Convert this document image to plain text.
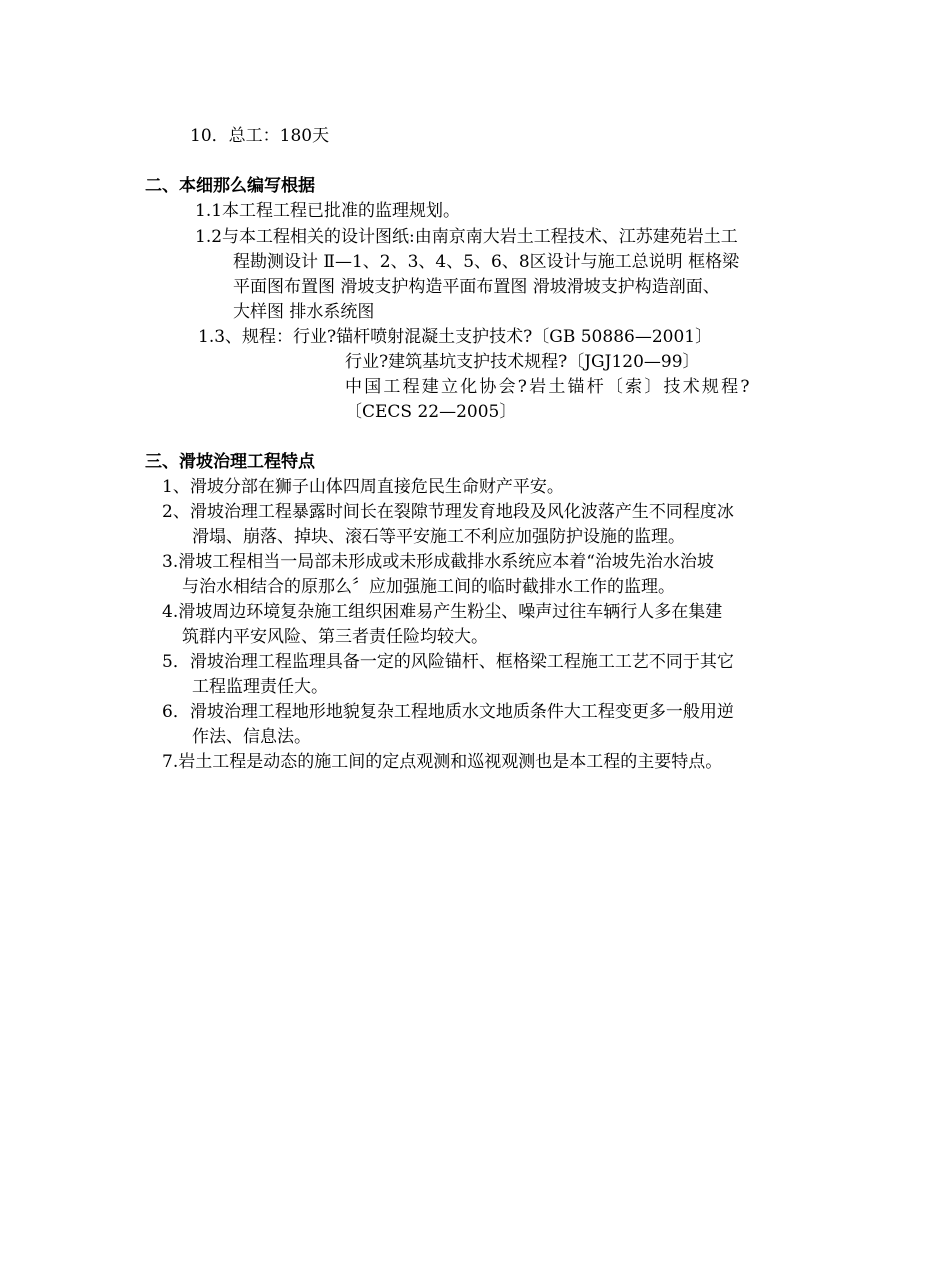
10．总工：180天
二、本细那么编写根据
1.1本工程工程已批准的监理规划。
1.2与本工程相关的设计图纸:由南京南大岩土工程技术、江苏建苑岩土工
程勘测设计 Ⅱ—1、2、3、4、5、6、8区设计与施工总说明 框格梁
平面图布置图 滑坡支护构造平面布置图 滑坡滑坡支护构造剖面、
大样图 排水系统图
1.3、规程：行业?锚杆喷射混凝土支护技术?〔GB 50886—2001〕
行业?建筑基坑支护技术规程?〔JGJ120—99〕
中国工程建立化协会?岩土锚杆〔索〕技术规程?
〔CECS 22—2005〕
三、滑坡治理工程特点
1、滑坡分部在狮子山体四周直接危民生命财产平安。
2、滑坡治理工程暴露时间长在裂隙节理发育地段及风化波落产生不同程度冰
滑塌、崩落、掉块、滚石等平安施工不利应加强防护设施的监理。
3.滑坡工程相当一局部未形成或未形成截排水系统应本着“治坡先治水治坡
与治水相结合的原那么〞应加强施工间的临时截排水工作的监理。
4.滑坡周边环境复杂施工组织困难易产生粉尘、噪声过往车辆行人多在集建
筑群内平安风险、第三者责任险均较大。
5．滑坡治理工程监理具备一定的风险锚杆、框格梁工程施工工艺不同于其它
工程监理责任大。
6．滑坡治理工程地形地貌复杂工程地质水文地质条件大工程变更多一般用逆
作法、信息法。
7.岩土工程是动态的施工间的定点观测和巡视观测也是本工程的主要特点。
